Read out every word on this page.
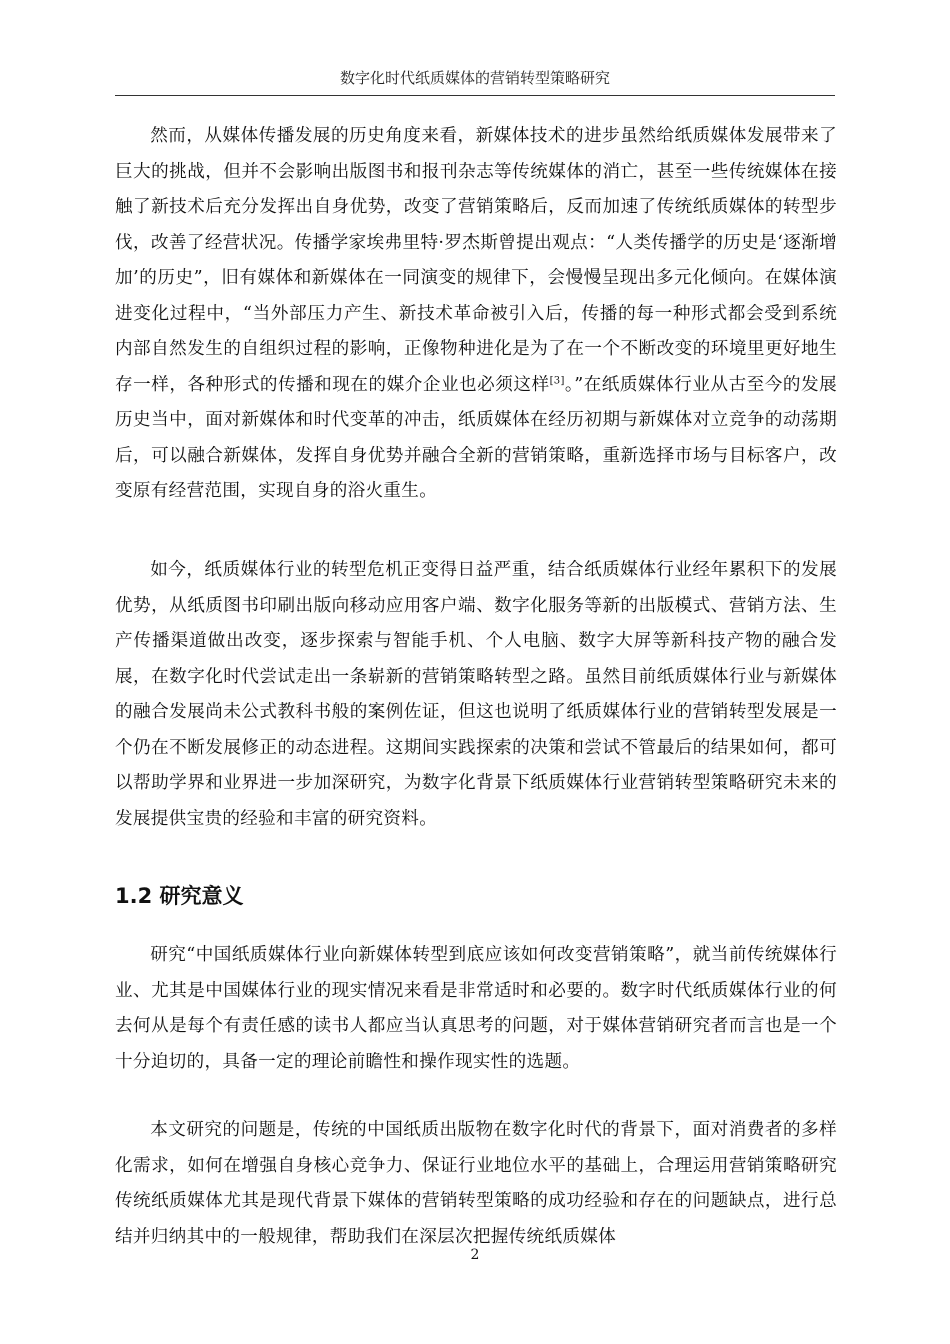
数字化时代纸质媒体的营销转型策略研究

然而，从媒体传播发展的历史角度来看，新媒体技术的进步虽然给纸质媒体发展带来了巨大的挑战，但并不会影响出版图书和报刊杂志等传统媒体的消亡，甚至一些传统媒体在接触了新技术后充分发挥出自身优势，改变了营销策略后，反而加速了传统纸质媒体的转型步伐，改善了经营状况。传播学家埃弗里特·罗杰斯曾提出观点：“人类传播学的历史是‘逐渐增加’的历史”，旧有媒体和新媒体在一同演变的规律下，会慢慢呈现出多元化倾向。在媒体演进变化过程中，“当外部压力产生、新技术革命被引入后，传播的每一种形式都会受到系统内部自然发生的自组织过程的影响，正像物种进化是为了在一个不断改变的环境里更好地生存一样，各种形式的传播和现在的媒介企业也必须这样[3]。”在纸质媒体行业从古至今的发展历史当中，面对新媒体和时代变革的冲击，纸质媒体在经历初期与新媒体对立竞争的动荡期后，可以融合新媒体，发挥自身优势并融合全新的营销策略，重新选择市场与目标客户，改变原有经营范围，实现自身的浴火重生。

如今，纸质媒体行业的转型危机正变得日益严重，结合纸质媒体行业经年累积下的发展优势，从纸质图书印刷出版向移动应用客户端、数字化服务等新的出版模式、营销方法、生产传播渠道做出改变，逐步探索与智能手机、个人电脑、数字大屏等新科技产物的融合发展，在数字化时代尝试走出一条崭新的营销策略转型之路。虽然目前纸质媒体行业与新媒体的融合发展尚未公式教科书般的案例佐证，但这也说明了纸质媒体行业的营销转型发展是一个仍在不断发展修正的动态进程。这期间实践探索的决策和尝试不管最后的结果如何，都可以帮助学界和业界进一步加深研究，为数字化背景下纸质媒体行业营销转型策略研究未来的发展提供宝贵的经验和丰富的研究资料。

1.2 研究意义

研究“中国纸质媒体行业向新媒体转型到底应该如何改变营销策略”，就当前传统媒体行业、尤其是中国媒体行业的现实情况来看是非常适时和必要的。数字时代纸质媒体行业的何去何从是每个有责任感的读书人都应当认真思考的问题，对于媒体营销研究者而言也是一个十分迫切的，具备一定的理论前瞻性和操作现实性的选题。

本文研究的问题是，传统的中国纸质出版物在数字化时代的背景下，面对消费者的多样化需求，如何在增强自身核心竞争力、保证行业地位水平的基础上，合理运用营销策略研究传统纸质媒体尤其是现代背景下媒体的营销转型策略的成功经验和存在的问题缺点，进行总结并归纳其中的一般规律，帮助我们在深层次把握传统纸质媒体

2
